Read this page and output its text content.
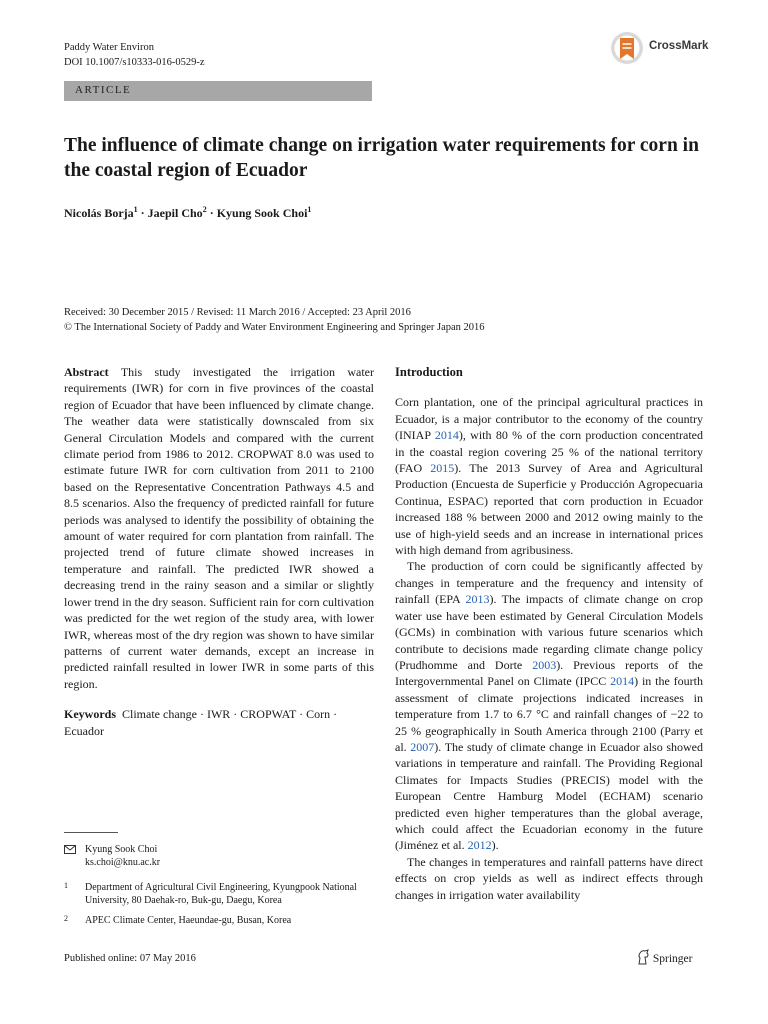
Paddy Water Environ
DOI 10.1007/s10333-016-0529-z
CrossMark
ARTICLE
The influence of climate change on irrigation water requirements for corn in the coastal region of Ecuador
Nicolás Borja$^1$ · Jaepil Cho$^2$ · Kyung Sook Choi$^1$
Received: 30 December 2015 / Revised: 11 March 2016 / Accepted: 23 April 2016
© The International Society of Paddy and Water Environment Engineering and Springer Japan 2016

Abstract This study investigated the irrigation water requirements (IWR) for corn in five provinces of the coastal region of Ecuador that have been influenced by climate change. The weather data were statistically downscaled from six General Circulation Models and compared with the current climate period from 1986 to 2012. CROPWAT 8.0 was used to estimate future IWR for corn cultivation from 2011 to 2100 based on the Representative Concentration Pathways 4.5 and 8.5 scenarios. Also the frequency of predicted rainfall for future periods was analysed to identify the possibility of obtaining the amount of water required for corn plantation from rainfall. The projected trend of future climate showed increases in temperature and rainfall. The predicted IWR showed a decreasing trend in the rainy season and a similar or slightly lower trend in the dry season. Sufficient rain for corn cultivation was predicted for the wet region of the study area, with lower IWR, whereas most of the dry region was shown to have similar patterns of current water demands, except an increase in predicted rainfall resulted in lower IWR in some parts of this region.

Keywords  Climate change · IWR · CROPWAT · Corn · Ecuador

Kyung Sook Choi
ks.choi@knu.ac.kr
1 Department of Agricultural Civil Engineering, Kyungpook National University, 80 Daehak-ro, Buk-gu, Daegu, Korea
2 APEC Climate Center, Haeundae-gu, Busan, Korea
Introduction

Corn plantation, one of the principal agricultural practices in Ecuador, is a major contributor to the economy of the country (INIAP 2014), with 80 % of the corn production concentrated in the coastal region covering 25 % of the national territory (FAO 2015). The 2013 Survey of Area and Agricultural Production (Encuesta de Superficie y Producción Agropecuaria Continua, ESPAC) reported that corn production in Ecuador increased 188 % between 2000 and 2012 owing mainly to the use of high-yield seeds and an increase in international prices with high demand from agribusiness.

The production of corn could be significantly affected by changes in temperature and the frequency and intensity of rainfall (EPA 2013). The impacts of climate change on crop water use have been estimated by General Circulation Models (GCMs) in combination with various future scenarios which contribute to decisions made regarding climate change policy (Prudhomme and Dorte 2003). Previous reports of the Intergovernmental Panel on Climate (IPCC 2014) in the fourth assessment of climate projections indicated increases in temperature from 1.7 to 6.7 °C and rainfall changes of −22 to 25 % geographically in South America through 2100 (Parry et al. 2007). The study of climate change in Ecuador also showed variations in temperature and rainfall. The Providing Regional Climates for Impacts Studies (PRECIS) model with the European Centre Hamburg Model (ECHAM) scenario predicted even higher temperatures than the global average, which could affect the Ecuadorian economy in the future (Jiménez et al. 2012).

The changes in temperatures and rainfall patterns have direct effects on crop yields as well as indirect effects through changes in irrigation water availability

Published online: 07 May 2016	Springer
